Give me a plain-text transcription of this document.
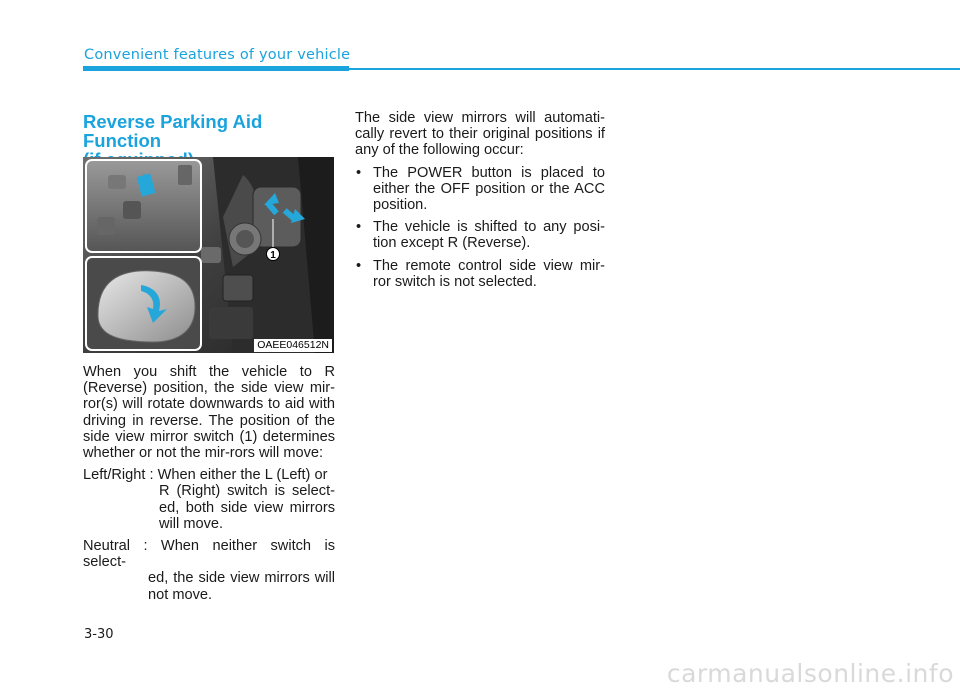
Convenient features of your vehicle
Reverse Parking Aid Function
1
OAEE046512N

When you shift the vehicle to R (Reverse) position, the side view mir-ror(s) will rotate downwards to aid with driving in reverse. The position of the side view mirror switch (1) determines whether or not the mir-rors will move:

Left/Right : When either the L (Left) or
R (Right) switch is select-ed, both side view mirrors will move.
Neutral : When neither switch is select-
ed, the side view mirrors will not move.

The side view mirrors will automati-cally revert to their original positions if any of the following occur:

• The POWER button is placed to either the OFF position or the ACC position.
• The vehicle is shifted to any posi-tion except R (Reverse).
• The remote control side view mir-ror switch is not selected.
3-30
carmanualsonline.info
